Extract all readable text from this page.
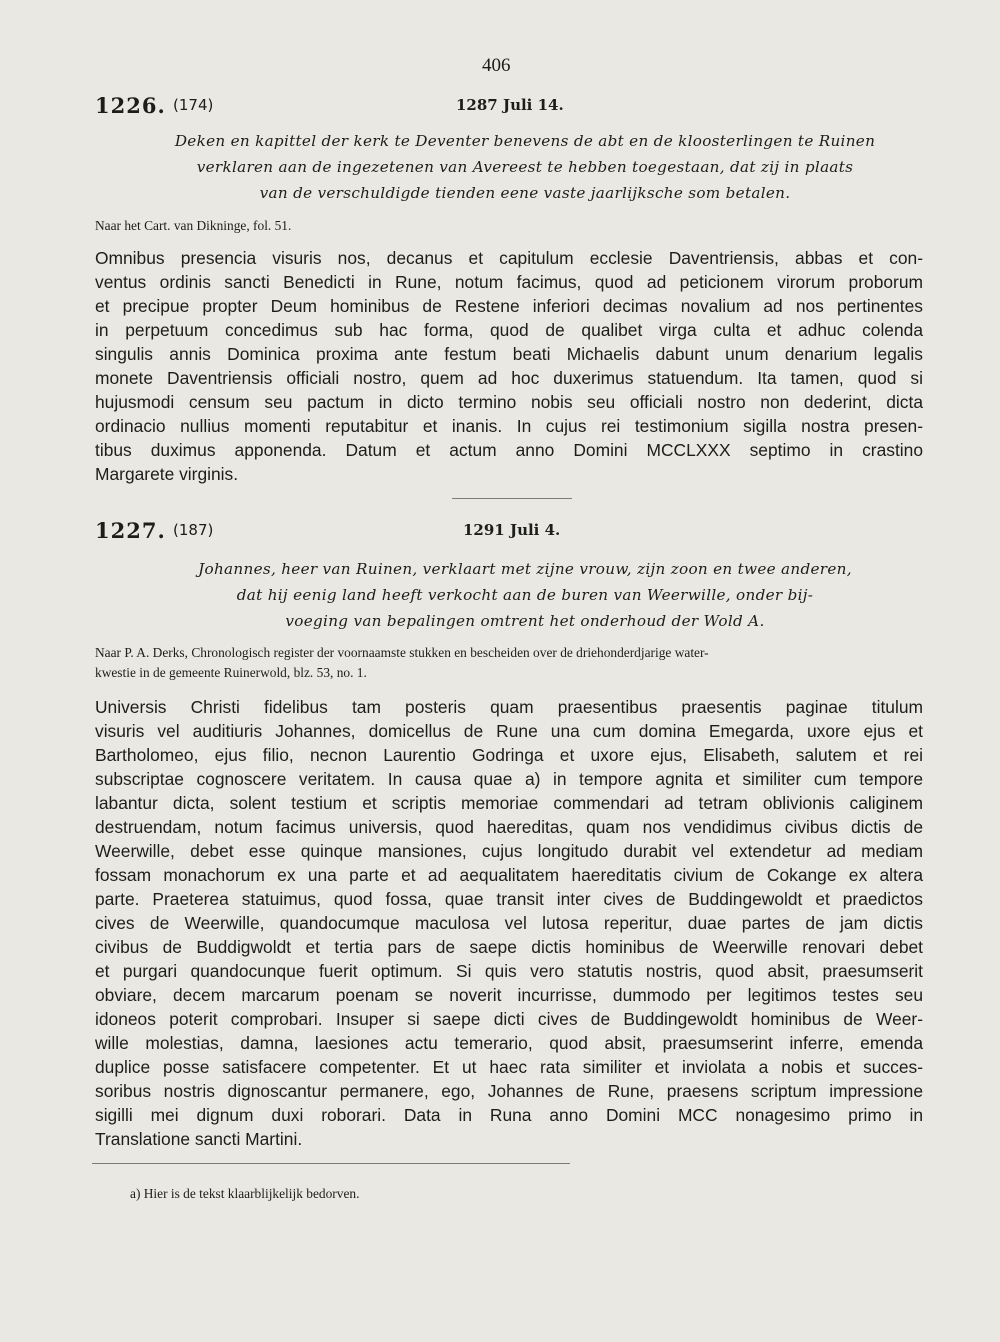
406
1226. (174)	1287 Juli 14.
Deken en kapittel der kerk te Deventer benevens de abt en de kloosterlingen te Ruinen
verklaren aan de ingezetenen van Avereest te hebben toegestaan, dat zij in plaats
van de verschuldigde tienden eene vaste jaarlijksche som betalen.
Naar het Cart. van Dikninge, fol. 51.
Omnibus presencia visuris nos, decanus et capitulum ecclesie Daventriensis, abbas et con-
ventus ordinis sancti Benedicti in Rune, notum facimus, quod ad peticionem virorum proborum
et precipue propter Deum hominibus de Restene inferiori decimas novalium ad nos pertinentes
in perpetuum concedimus sub hac forma, quod de qualibet virga culta et adhuc colenda
singulis annis Dominica proxima ante festum beati Michaelis dabunt unum denarium legalis
monete Daventriensis officiali nostro, quem ad hoc duxerimus statuendum. Ita tamen, quod si
hujusmodi censum seu pactum in dicto termino nobis seu officiali nostro non dederint, dicta
ordinacio nullius momenti reputabitur et inanis. In cujus rei testimonium sigilla nostra presen-
tibus duximus apponenda. Datum et actum anno Domini MCCLXXX septimo in crastino
Margarete virginis.
1227. (187)	1291 Juli 4.
Johannes, heer van Ruinen, verklaart met zijne vrouw, zijn zoon en twee anderen,
dat hij eenig land heeft verkocht aan de buren van Weerwille, onder bij-
voeging van bepalingen omtrent het onderhoud der Wold A.
Naar P. A. Derks, Chronologisch register der voornaamste stukken en bescheiden over de driehonderdjarige water-
kwestie in de gemeente Ruinerwold, blz. 53, no. 1.
Universis Christi fidelibus tam posteris quam praesentibus praesentis paginae titulum
visuris vel auditiuris Johannes, domicellus de Rune una cum domina Emegarda, uxore ejus et
Bartholomeo, ejus filio, necnon Laurentio Godringa et uxore ejus, Elisabeth, salutem et rei
subscriptae cognoscere veritatem. In causa quae a) in tempore agnita et similiter cum tempore
labantur dicta, solent testium et scriptis memoriae commendari ad tetram oblivionis caliginem
destruendam, notum facimus universis, quod haereditas, quam nos vendidimus civibus dictis de
Weerwille, debet esse quinque mansiones, cujus longitudo durabit vel extendetur ad mediam
fossam monachorum ex una parte et ad aequalitatem haereditatis civium de Cokange ex altera
parte. Praeterea statuimus, quod fossa, quae transit inter cives de Buddingewoldt et praedictos
cives de Weerwille, quandocumque maculosa vel lutosa reperitur, duae partes de jam dictis
civibus de Buddigwoldt et tertia pars de saepe dictis hominibus de Weerwille renovari debet
et purgari quandocunque fuerit optimum. Si quis vero statutis nostris, quod absit, praesumserit
obviare, decem marcarum poenam se noverit incurrisse, dummodo per legitimos testes seu
idoneos poterit comprobari. Insuper si saepe dicti cives de Buddingewoldt hominibus de Weer-
wille molestias, damna, laesiones actu temerario, quod absit, praesumserint inferre, emenda
duplice posse satisfacere competenter. Et ut haec rata similiter et inviolata a nobis et succes-
soribus nostris dignoscantur permanere, ego, Johannes de Rune, praesens scriptum impressione
sigilli mei dignum duxi roborari. Data in Runa anno Domini MCC nonagesimo primo in
Translatione sancti Martini.
a) Hier is de tekst klaarblijkelijk bedorven.
